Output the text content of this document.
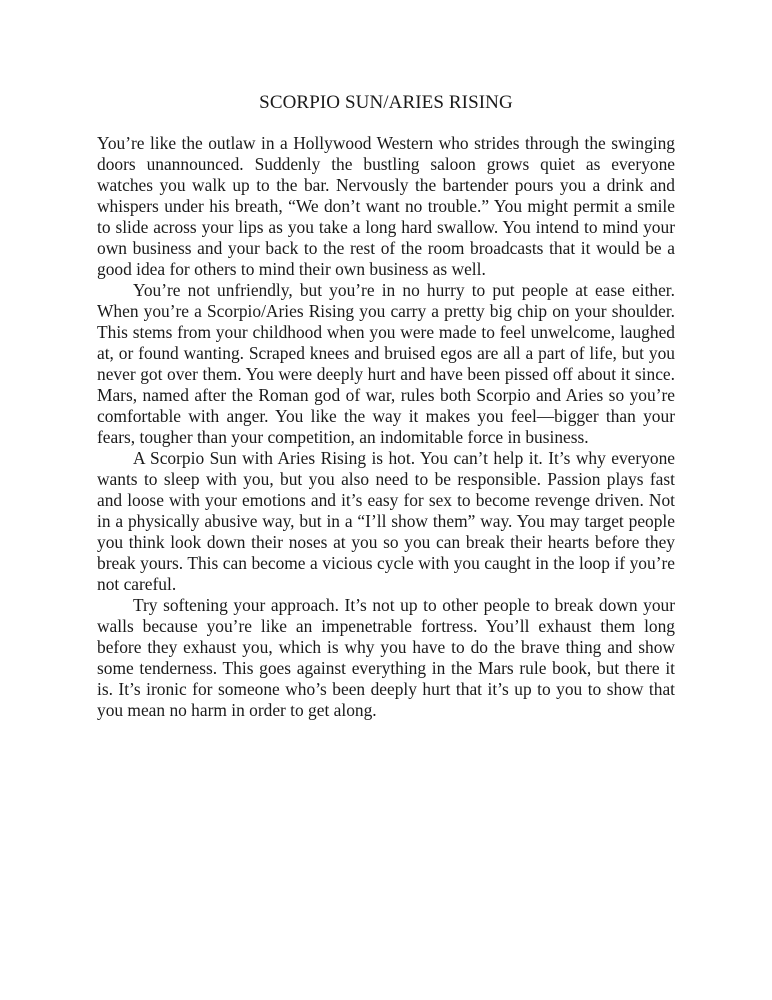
SCORPIO SUN/ARIES RISING

You’re like the outlaw in a Hollywood Western who strides through the swinging doors unannounced. Suddenly the bustling saloon grows quiet as everyone watches you walk up to the bar. Nervously the bartender pours you a drink and whispers under his breath, “We don’t want no trouble.” You might permit a smile to slide across your lips as you take a long hard swallow. You intend to mind your own business and your back to the rest of the room broadcasts that it would be a good idea for others to mind their own business as well.

You’re not unfriendly, but you’re in no hurry to put people at ease either. When you’re a Scorpio/Aries Rising you carry a pretty big chip on your shoulder. This stems from your childhood when you were made to feel unwelcome, laughed at, or found wanting. Scraped knees and bruised egos are all a part of life, but you never got over them. You were deeply hurt and have been pissed off about it since. Mars, named after the Roman god of war, rules both Scorpio and Aries so you’re comfortable with anger. You like the way it makes you feel—bigger than your fears, tougher than your competition, an indomitable force in business.

A Scorpio Sun with Aries Rising is hot. You can’t help it. It’s why everyone wants to sleep with you, but you also need to be responsible. Passion plays fast and loose with your emotions and it’s easy for sex to become revenge driven. Not in a physically abusive way, but in a “I’ll show them” way. You may target people you think look down their noses at you so you can break their hearts before they break yours. This can become a vicious cycle with you caught in the loop if you’re not careful.

Try softening your approach. It’s not up to other people to break down your walls because you’re like an impenetrable fortress. You’ll exhaust them long before they exhaust you, which is why you have to do the brave thing and show some tenderness. This goes against everything in the Mars rule book, but there it is. It’s ironic for someone who’s been deeply hurt that it’s up to you to show that you mean no harm in order to get along.
